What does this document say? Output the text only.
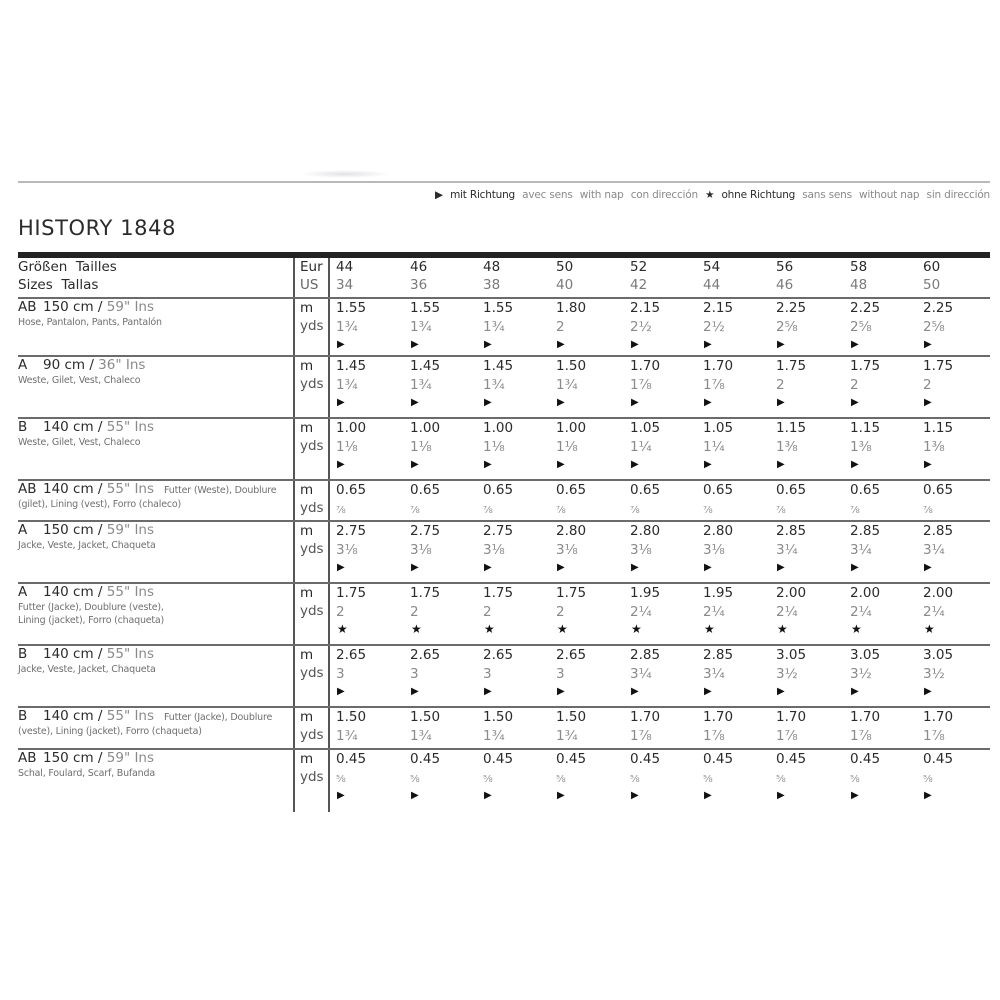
▶ mit Richtung avec sens with nap con dirección ★ ohne Richtung sans sens without nap sin dirección
HISTORY 1848
Größen  Tailles
Sizes  Tallas
Eur
US
44
34
46
36
48
38
50
40
52
42
54
44
56
46
58
48
60
50
AB 150 cm / 59" Ins
Hose, Pantalon, Pants, Pantalón
m
yds
1.55
1¾
▶
1.55
1¾
▶
1.55
1¾
▶
1.80
2
▶
2.15
2½
▶
2.15
2½
▶
2.25
2⅝
▶
2.25
2⅝
▶
2.25
2⅝
▶
A 90 cm / 36" Ins
Weste, Gilet, Vest, Chaleco
m
yds
1.45
1¾
▶
1.45
1¾
▶
1.45
1¾
▶
1.50
1¾
▶
1.70
1⅞
▶
1.70
1⅞
▶
1.75
2
▶
1.75
2
▶
1.75
2
▶
B 140 cm / 55" Ins
Weste, Gilet, Vest, Chaleco
m
yds
1.00
1⅛
▶
1.00
1⅛
▶
1.00
1⅛
▶
1.00
1⅛
▶
1.05
1¼
▶
1.05
1¼
▶
1.15
1⅜
▶
1.15
1⅜
▶
1.15
1⅜
▶
AB 140 cm / 55" Ins Futter (Weste), Doublure
(gilet), Lining (vest), Forro (chaleco)
m
yds
0.65
⅞
0.65
⅞
0.65
⅞
0.65
⅞
0.65
⅞
0.65
⅞
0.65
⅞
0.65
⅞
0.65
⅞
A 150 cm / 59" Ins
Jacke, Veste, Jacket, Chaqueta
m
yds
2.75
3⅛
▶
2.75
3⅛
▶
2.75
3⅛
▶
2.80
3⅛
▶
2.80
3⅛
▶
2.80
3⅛
▶
2.85
3¼
▶
2.85
3¼
▶
2.85
3¼
▶
A 140 cm / 55" Ins
Futter (Jacke), Doublure (veste),
Lining (jacket), Forro (chaqueta)
m
yds
1.75
2
★
1.75
2
★
1.75
2
★
1.75
2
★
1.95
2¼
★
1.95
2¼
★
2.00
2¼
★
2.00
2¼
★
2.00
2¼
★
B 140 cm / 55" Ins
Jacke, Veste, Jacket, Chaqueta
m
yds
2.65
3
▶
2.65
3
▶
2.65
3
▶
2.65
3
▶
2.85
3¼
▶
2.85
3¼
▶
3.05
3½
▶
3.05
3½
▶
3.05
3½
▶
B 140 cm / 55" Ins Futter (Jacke), Doublure
(veste), Lining (jacket), Forro (chaqueta)
m
yds
1.50
1¾
1.50
1¾
1.50
1¾
1.50
1¾
1.70
1⅞
1.70
1⅞
1.70
1⅞
1.70
1⅞
1.70
1⅞
AB 150 cm / 59" Ins
Schal, Foulard, Scarf, Bufanda
m
yds
0.45
⅝
▶
0.45
⅝
▶
0.45
⅝
▶
0.45
⅝
▶
0.45
⅝
▶
0.45
⅝
▶
0.45
⅝
▶
0.45
⅝
▶
0.45
⅝
▶
